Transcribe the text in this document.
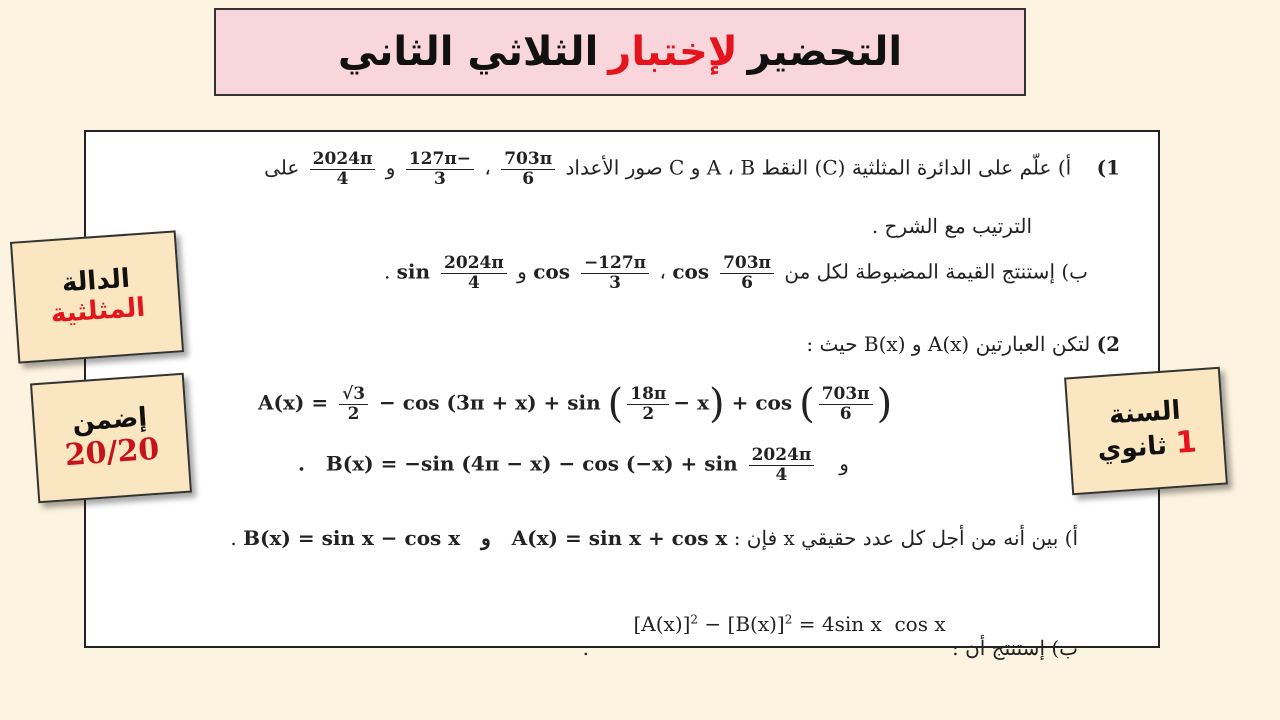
التحضير
لإختبار
الثلاثي الثاني
1)    أ) علّم على الدائرة المثلثية (C) النقط A ، B و C صور الأعداد
$\frac{703\pi}{6}$
،
$\frac{-127\pi}{3}$
و
$\frac{2024\pi}{4}$
على
الترتيب مع الشرح .
ب) إستنتج القيمة المضبوطة لكل من $\cos \frac{703\pi}{6}$
، $\cos \frac{-127\pi}{3}$
و $\sin \frac{2024\pi}{4}$
.
2) لتكن العبارتين A(x) و B(x) حيث :
$A(x) = \frac{√3}{2} - \cos (3\pi + x) + \sin$ ( $\frac{18\pi}{2} - x) + \cos$ ( $\frac{703\pi}{6}$ )
. B(x) = −sin $(4\pi - x) - \cos (-x) + \sin \frac{2024\pi}{4}$ و
أ) بين أنه من أجل كل عدد حقيقي x فإن : B(x) = sin x − cos x   و   A(x) = sin x + cos x .
ب) إستنتج أن :
$[A(x)]^2 - [B(x)]^2 = 4\sin$ x  cos x
.
الدالة
المثلثية
إضمن
20/20
السنة
1 ثانوي
